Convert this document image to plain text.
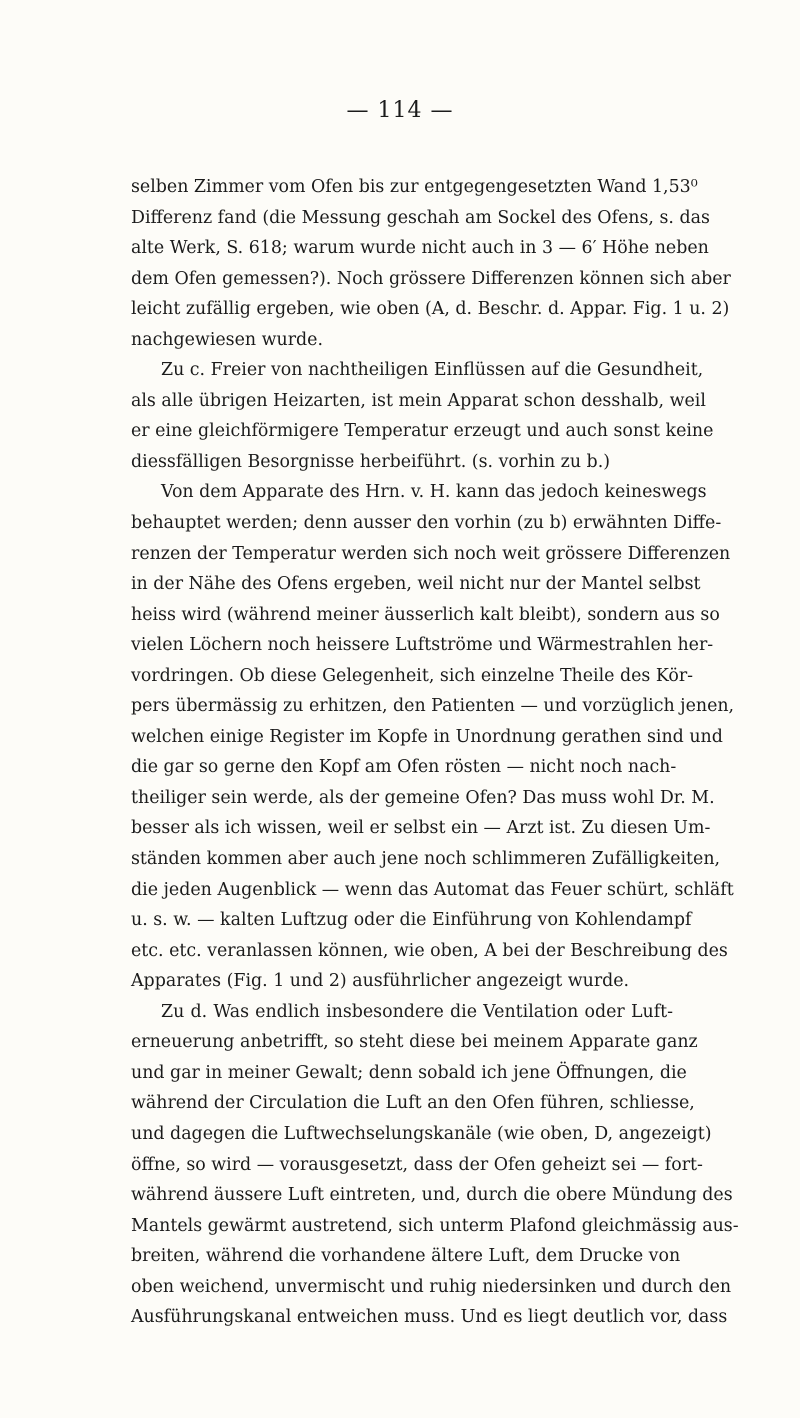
— 114 —
selben Zimmer vom Ofen bis zur entgegengesetzten Wand 1,53⁰
Differenz fand (die Messung geschah am Sockel des Ofens, s. das
alte Werk, S. 618; warum wurde nicht auch in 3 — 6′ Höhe neben
dem Ofen gemessen?). Noch grössere Differenzen können sich aber
leicht zufällig ergeben, wie oben (A, d. Beschr. d. Appar. Fig. 1 u. 2)
nachgewiesen wurde.
Zu c. Freier von nachtheiligen Einflüssen auf die Gesundheit,
als alle übrigen Heizarten, ist mein Apparat schon desshalb, weil
er eine gleichförmigere Temperatur erzeugt und auch sonst keine
diessfälligen Besorgnisse herbeiführt. (s. vorhin zu b.)
Von dem Apparate des Hrn. v. H. kann das jedoch keineswegs
behauptet werden; denn ausser den vorhin (zu b) erwähnten Diffe-
renzen der Temperatur werden sich noch weit grössere Differenzen
in der Nähe des Ofens ergeben, weil nicht nur der Mantel selbst
heiss wird (während meiner äusserlich kalt bleibt), sondern aus so
vielen Löchern noch heissere Luftströme und Wärmestrahlen her-
vordringen. Ob diese Gelegenheit, sich einzelne Theile des Kör-
pers übermässig zu erhitzen, den Patienten — und vorzüglich jenen,
welchen einige Register im Kopfe in Unordnung gerathen sind und
die gar so gerne den Kopf am Ofen rösten — nicht noch nach-
theiliger sein werde, als der gemeine Ofen? Das muss wohl Dr. M.
besser als ich wissen, weil er selbst ein — Arzt ist. Zu diesen Um-
ständen kommen aber auch jene noch schlimmeren Zufälligkeiten,
die jeden Augenblick — wenn das Automat das Feuer schürt, schläft
u. s. w. — kalten Luftzug oder die Einführung von Kohlendampf
etc. etc. veranlassen können, wie oben, A bei der Beschreibung des
Apparates (Fig. 1 und 2) ausführlicher angezeigt wurde.
Zu d. Was endlich insbesondere die Ventilation oder Luft-
erneuerung anbetrifft, so steht diese bei meinem Apparate ganz
und gar in meiner Gewalt; denn sobald ich jene Öffnungen, die
während der Circulation die Luft an den Ofen führen, schliesse,
und dagegen die Luftwechselungskanäle (wie oben, D, angezeigt)
öffne, so wird — vorausgesetzt, dass der Ofen geheizt sei — fort-
während äussere Luft eintreten, und, durch die obere Mündung des
Mantels gewärmt austretend, sich unterm Plafond gleichmässig aus-
breiten, während die vorhandene ältere Luft, dem Drucke von
oben weichend, unvermischt und ruhig niedersinken und durch den
Ausführungskanal entweichen muss. Und es liegt deutlich vor, dass
